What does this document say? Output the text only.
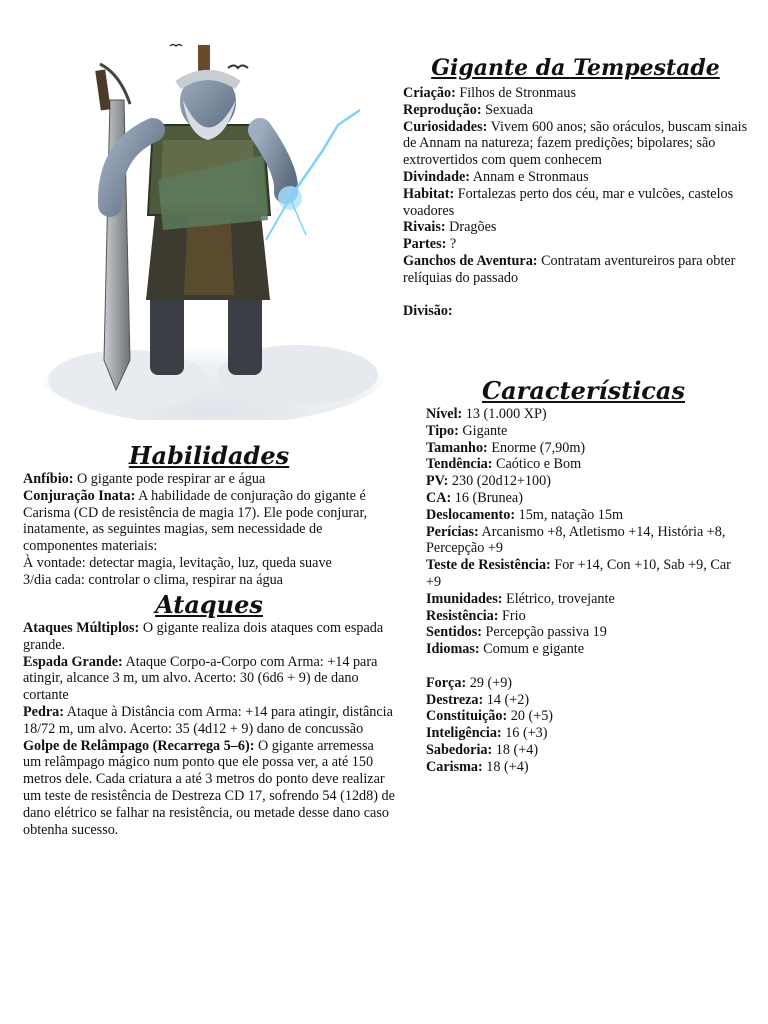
Gigante da Tempestade

Criação: Filhos de Stronmaus

Reprodução: Sexuada

Curiosidades: Vivem 600 anos; são oráculos, buscam sinais de Annam na natureza; fazem predições; bipolares; são extrovertidos com quem conhecem

Divindade: Annam e Stronmaus

Habitat: Fortalezas perto dos céu, mar e vulcões, castelos voadores

Rivais: Dragões

Partes: ?

Ganchos de Aventura: Contratam aventureiros para obter relíquias do passado

Divisão:

Características

Nível: 13 (1.000 XP)

Tipo: Gigante

Tamanho: Enorme (7,90m)

Tendência: Caótico e Bom

PV: 230 (20d12+100)

CA: 16 (Brunea)

Deslocamento: 15m, natação 15m

Perícias: Arcanismo +8, Atletismo +14, História +8, Percepção +9

Teste de Resistência: For +14, Con +10, Sab +9, Car +9

Imunidades: Elétrico, trovejante

Resistência: Frio

Sentidos: Percepção passiva 19

Idiomas: Comum e gigante

Força: 29 (+9)

Destreza: 14 (+2)

Constituição: 20 (+5)

Inteligência: 16 (+3)

Sabedoria: 18 (+4)

Carisma: 18 (+4)

Habilidades

Anfíbio: O gigante pode respirar ar e água

Conjuração Inata: A habilidade de conjuração do gigante é Carisma (CD de resistência de magia 17). Ele pode conjurar, inatamente, as seguintes magias, sem necessidade de componentes materiais:

À vontade: detectar magia, levitação, luz, queda suave

3/dia cada: controlar o clima, respirar na água

Ataques

Ataques Múltiplos: O gigante realiza dois ataques com espada grande.

Espada Grande: Ataque Corpo-a-Corpo com Arma: +14 para atingir, alcance 3 m, um alvo. Acerto: 30 (6d6 + 9) de dano cortante

Pedra: Ataque à Distância com Arma: +14 para atingir, distância 18/72 m, um alvo. Acerto: 35 (4d12 + 9) dano de concussão

Golpe de Relâmpago (Recarrega 5–6): O gigante arremessa um relâmpago mágico num ponto que ele possa ver, a até 150 metros dele. Cada criatura a até 3 metros do ponto deve realizar um teste de resistência de Destreza CD 17, sofrendo 54 (12d8) de dano elétrico se falhar na resistência, ou metade desse dano caso obtenha sucesso.
